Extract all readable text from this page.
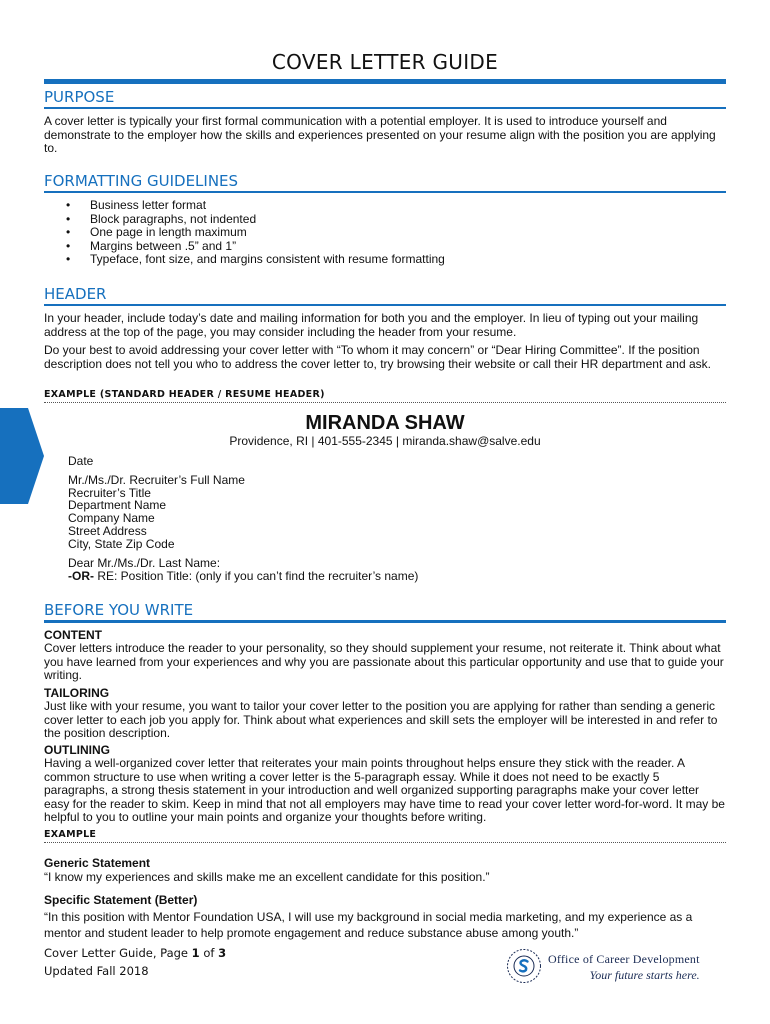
COVER LETTER GUIDE
PURPOSE
A cover letter is typically your first formal communication with a potential employer. It is used to introduce yourself and demonstrate to the employer how the skills and experiences presented on your resume align with the position you are applying to.
FORMATTING GUIDELINES
• Business letter format
• Block paragraphs, not indented
• One page in length maximum
• Margins between .5” and 1”
• Typeface, font size, and margins consistent with resume formatting
HEADER
In your header, include today’s date and mailing information for both you and the employer. In lieu of typing out your mailing address at the top of the page, you may consider including the header from your resume.
Do your best to avoid addressing your cover letter with “To whom it may concern” or “Dear Hiring Committee”. If the position description does not tell you who to address the cover letter to, try browsing their website or call their HR department and ask.
EXAMPLE (STANDARD HEADER / RESUME HEADER)
MIRANDA SHAW
Providence, RI | 401-555-2345 | miranda.shaw@salve.edu
Date
Mr./Ms./Dr. Recruiter’s Full Name
Recruiter’s Title
Department Name
Company Name
Street Address
City, State Zip Code
Dear Mr./Ms./Dr. Last Name:
-OR- RE: Position Title: (only if you can’t find the recruiter’s name)
BEFORE YOU WRITE
CONTENT
Cover letters introduce the reader to your personality, so they should supplement your resume, not reiterate it. Think about what you have learned from your experiences and why you are passionate about this particular opportunity and use that to guide your writing.
TAILORING
Just like with your resume, you want to tailor your cover letter to the position you are applying for rather than sending a generic cover letter to each job you apply for. Think about what experiences and skill sets the employer will be interested in and refer to the position description.
OUTLINING
Having a well-organized cover letter that reiterates your main points throughout helps ensure they stick with the reader. A common structure to use when writing a cover letter is the 5-paragraph essay. While it does not need to be exactly 5 paragraphs, a strong thesis statement in your introduction and well organized supporting paragraphs make your cover letter easy for the reader to skim. Keep in mind that not all employers may have time to read your cover letter word-for-word. It may be helpful to you to outline your main points and organize your thoughts before writing.
EXAMPLE
Generic Statement
“I know my experiences and skills make me an excellent candidate for this position.”
Specific Statement (Better)
“In this position with Mentor Foundation USA, I will use my background in social media marketing, and my experience as a mentor and student leader to help promote engagement and reduce substance abuse among youth.”
Cover Letter Guide, Page 1 of 3
Updated Fall 2018
Office of Career Development
Your future starts here.
